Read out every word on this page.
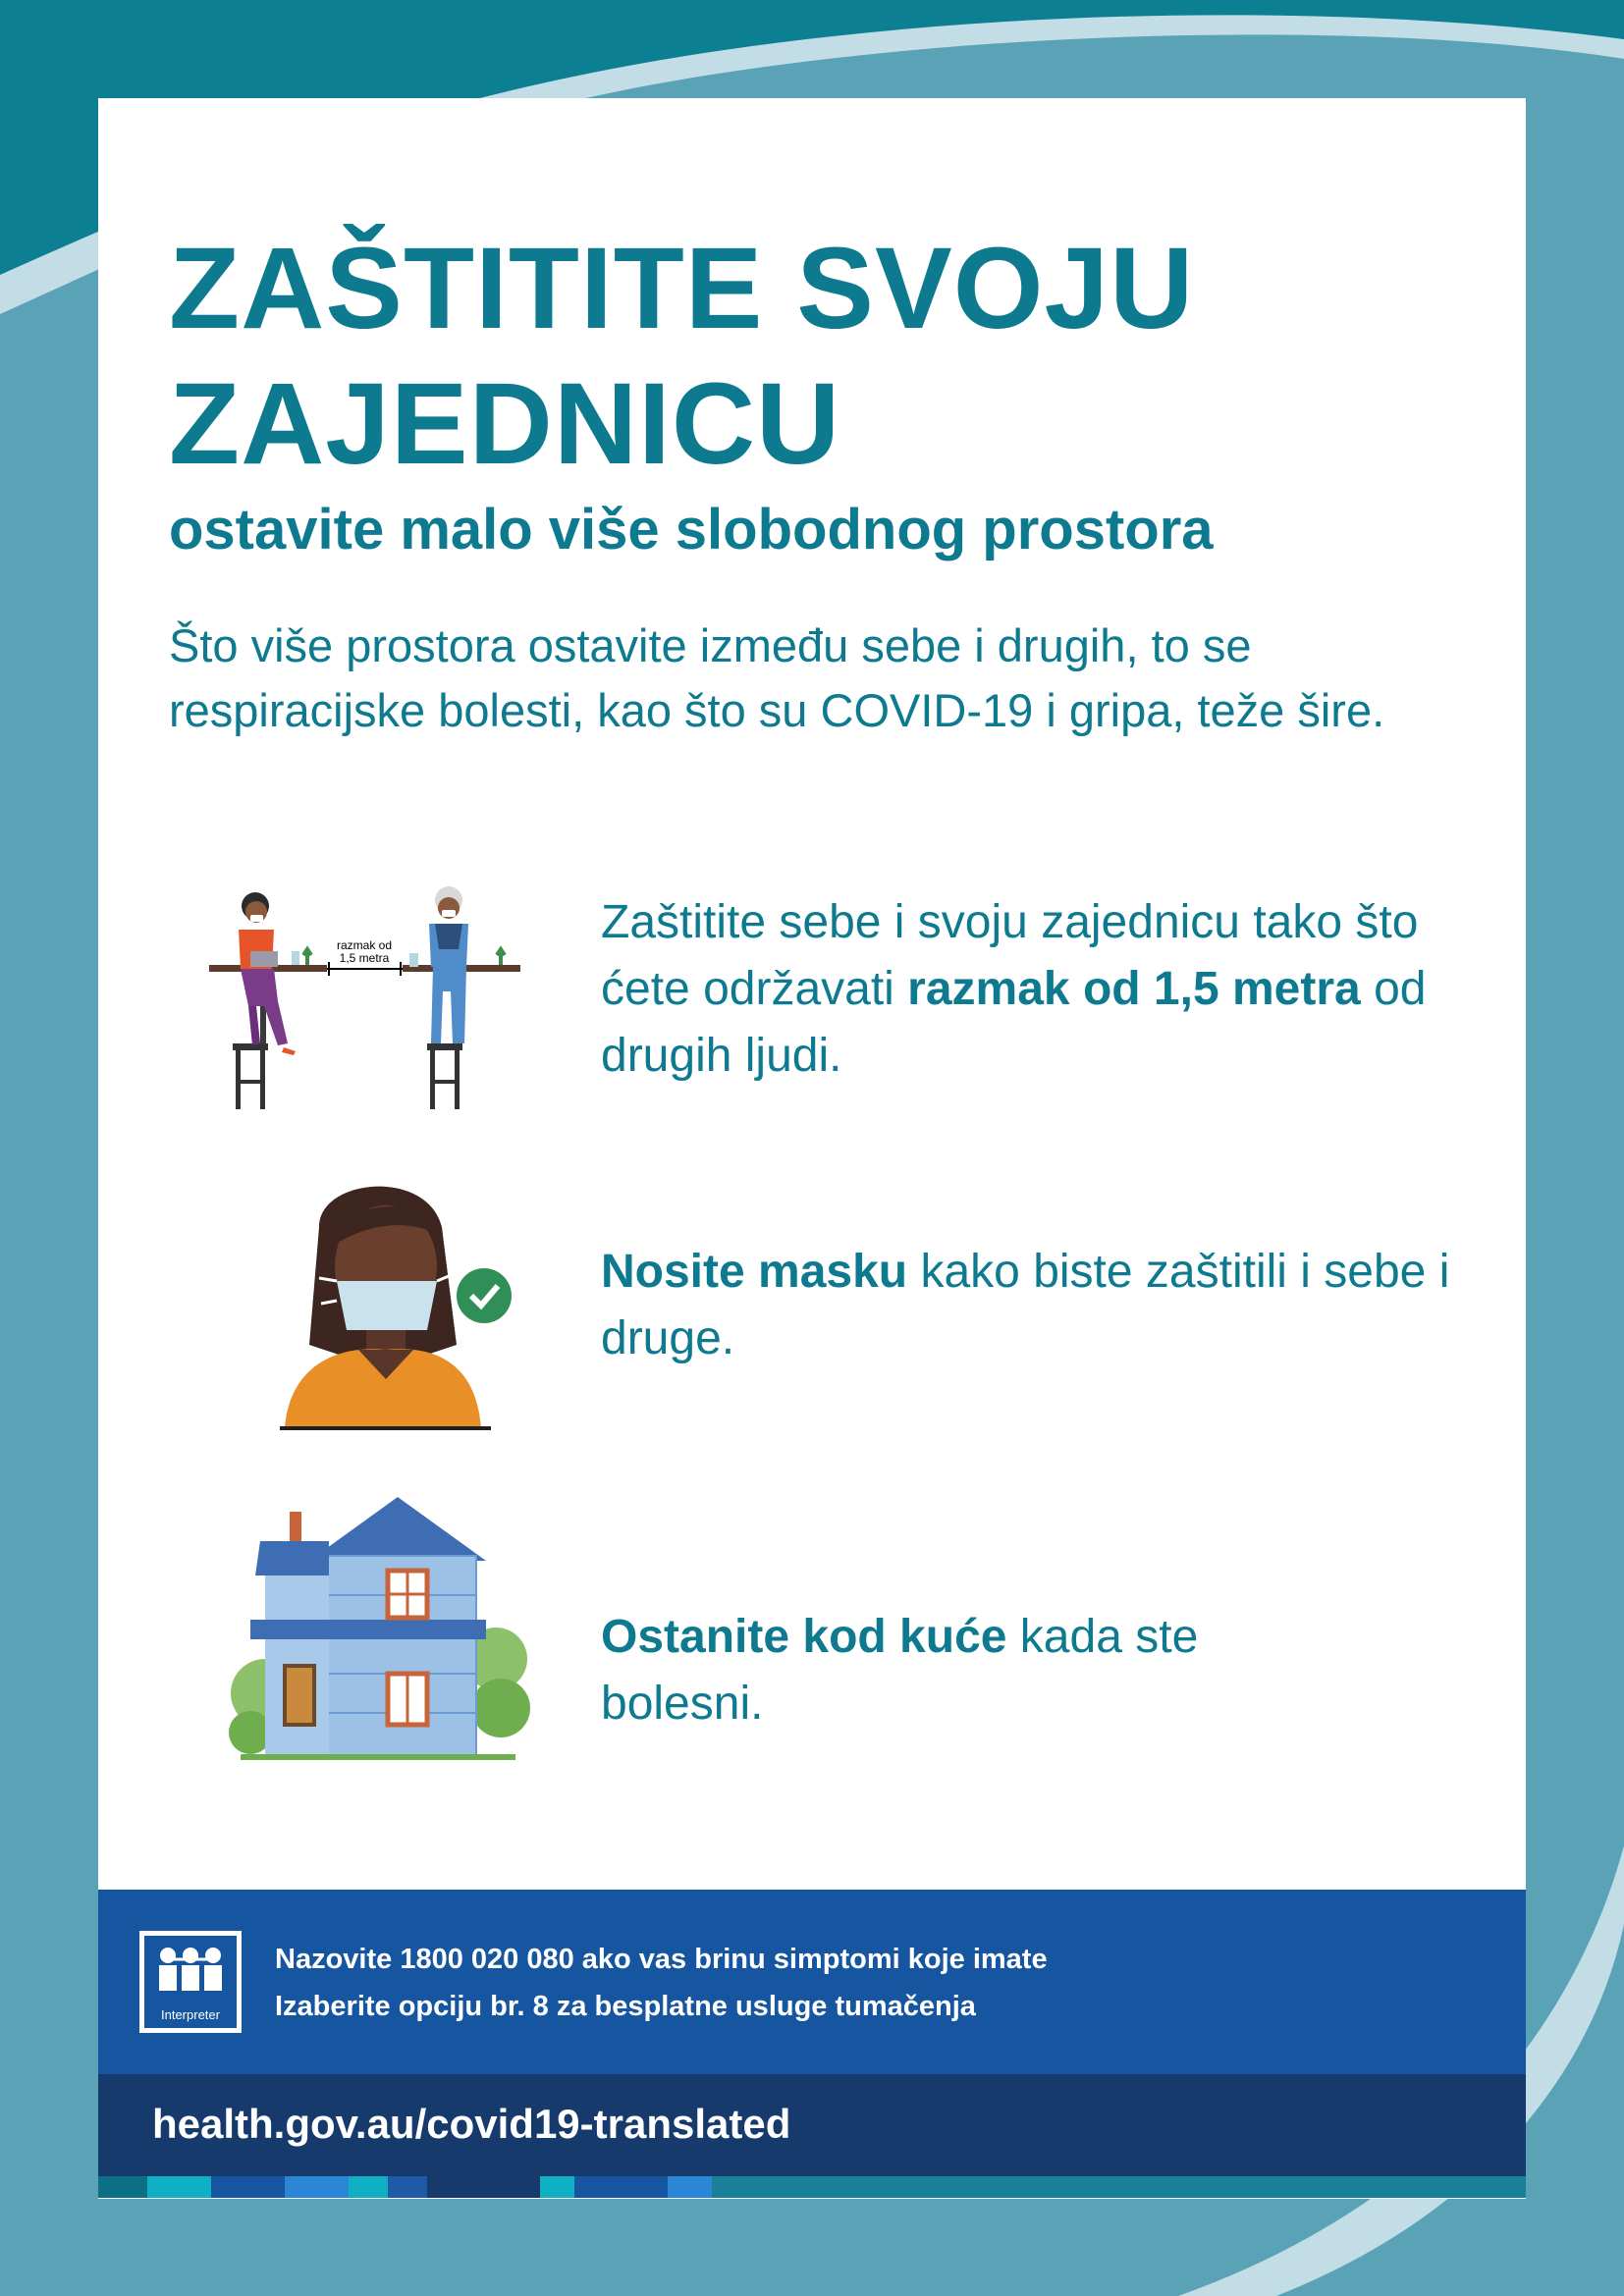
ZAŠTITITE SVOJU
ZAJEDNICU

ostavite malo više slobodnog prostora

Što više prostora ostavite između sebe i drugih, to se respiracijske bolesti, kao što su COVID-19 i gripa, teže šire.

razmak od
1,5 metra

Zaštitite sebe i svoju zajednicu tako što ćete održavati razmak od 1,5 metra od drugih ljudi.

Nosite masku kako biste zaštitili i sebe i druge.

Ostanite kod kuće kada ste bolesni.

Interpreter

Nazovite 1800 020 080 ako vas brinu simptomi koje imate

Izaberite opciju br. 8 za besplatne usluge tumačenja

health.gov.au/covid19-translated
